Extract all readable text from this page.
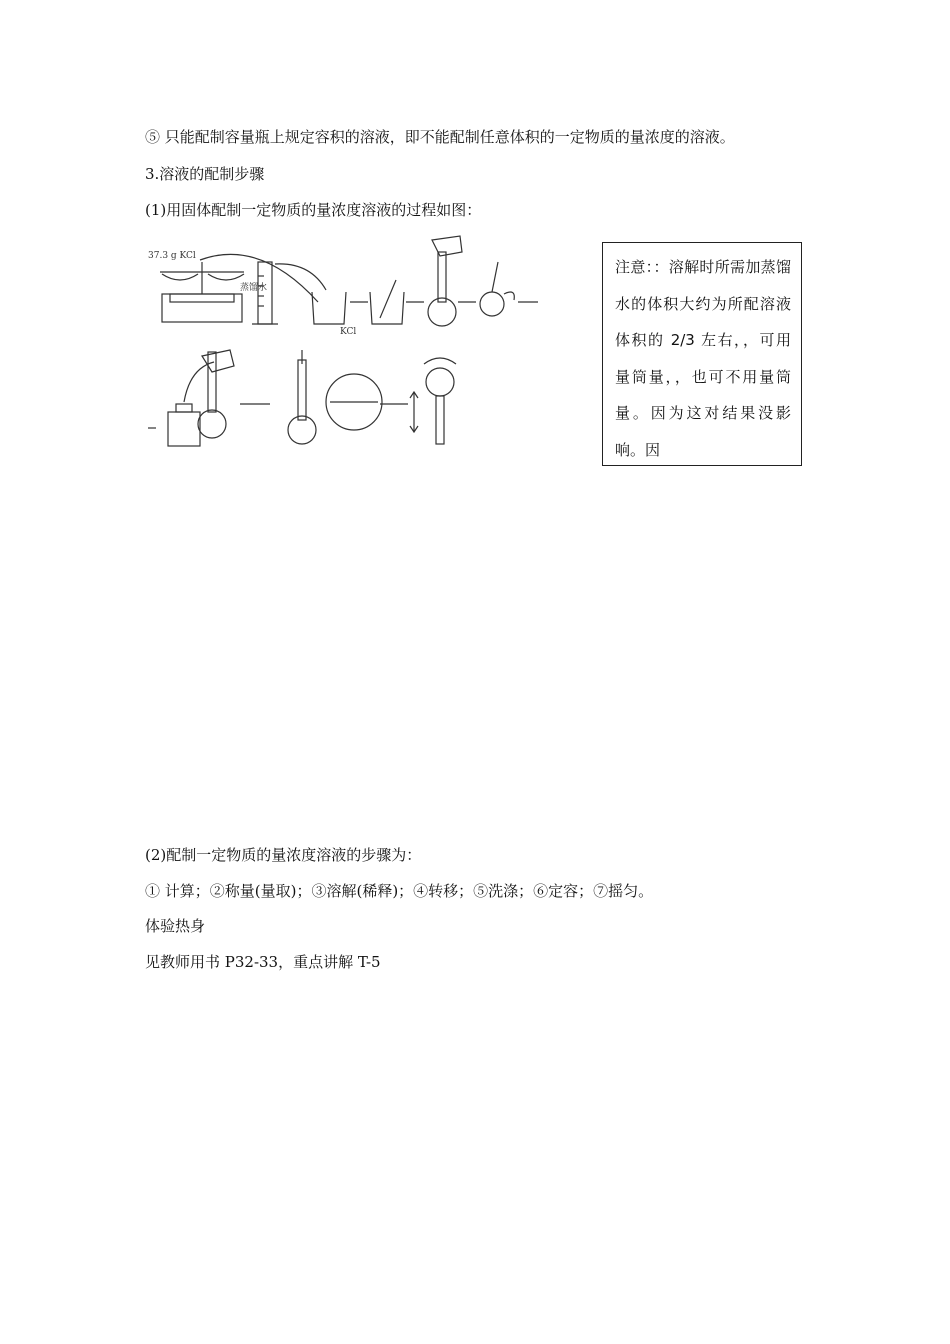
⑤ 只能配制容量瓶上规定容积的溶液，即不能配制任意体积的一定物质的量浓度的溶液。
3.溶液的配制步骤
(1)用固体配制一定物质的量浓度溶液的过程如图：
37.3 g KCl
蒸馏水
KCl
注意：：溶解时所需加蒸馏水的体积大约为所配溶液体积的 2/3 左右，，可用量筒量，，也可不用量筒量。因为这对结果没影响。因
(2)配制一定物质的量浓度溶液的步骤为：
① 计算；②称量(量取)；③溶解(稀释)；④转移；⑤洗涤；⑥定容；⑦摇匀。
体验热身
见教师用书 P32-33，重点讲解 T-5
